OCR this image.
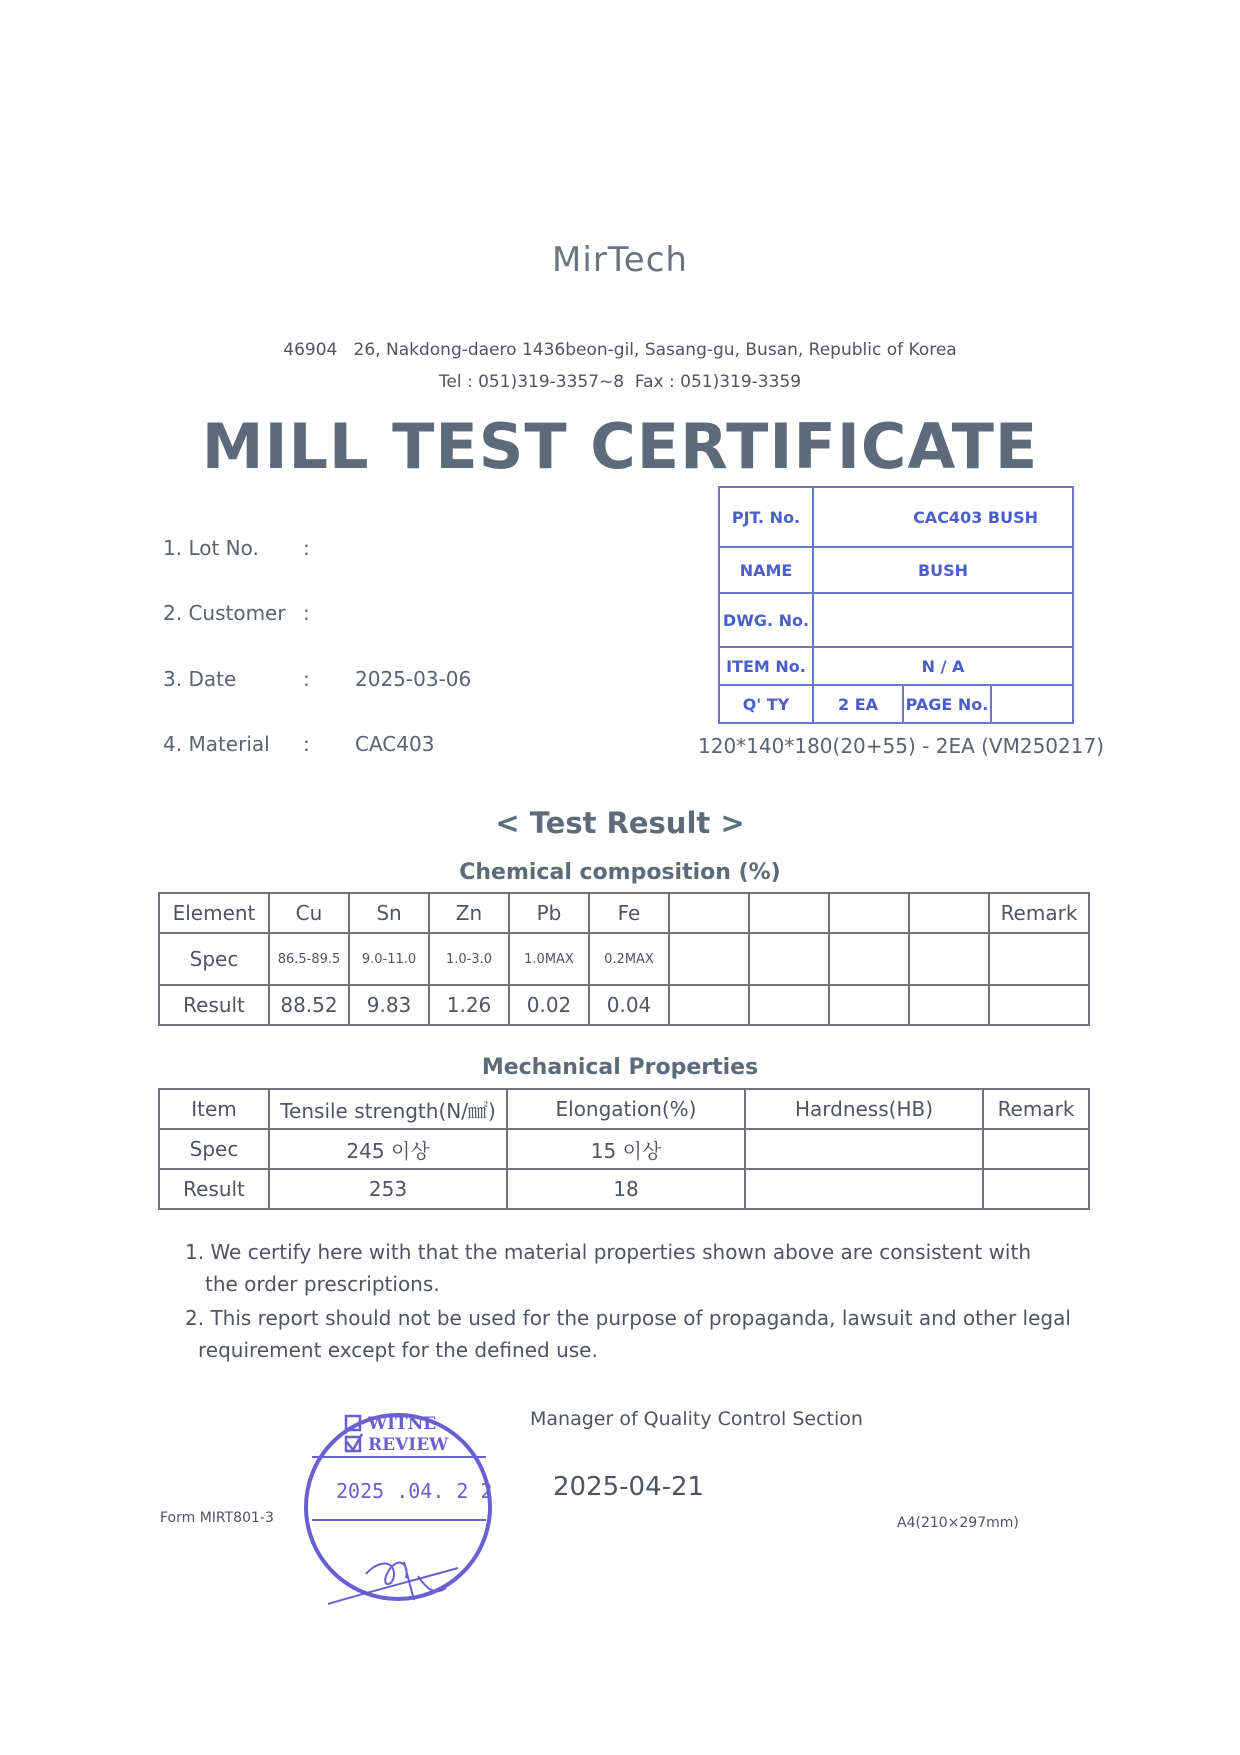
MirTech
46904   26, Nakdong-daero 1436beon-gil, Sasang-gu, Busan, Republic of Korea
Tel : 051)319-3357~8  Fax : 051)319-3359
MILL TEST CERTIFICATE
1. Lot No. :
2. Customer :
3. Date	: 2025-03-06
4. Material : CAC403
PJT. No.	CAC403 BUSH		
NAME	BUSH		
DWG. No.			
ITEM No.	N / A		
Q' TY	2 EA	PAGE No.	
120*140*180(20+55) - 2EA (VM250217)
< Test Result >
Chemical composition (%)
Element	Cu	Sn	Zn	Pb	Fe					Remark
Spec	86.5-89.5	9.0-11.0	1.0-3.0	1.0MAX	0.2MAX					
Result	88.52	9.83	1.26	0.02	0.04					
Mechanical Properties
Item	Tensile strength(N/㎟)	Elongation(%)	Hardness(HB)	Remark
Spec	245 이상	15 이상		
Result	253	18		
1. We certify here with that the material properties shown above are consistent with
the order prescriptions.
2. This report should not be used for the purpose of propaganda, lawsuit and other legal
requirement except for the defined use.
Manager of Quality Control Section
2025-04-21
Form MIRT801-3	A4(210×297mm)
WITNE
REVIEW
2025 .04. 2 2
